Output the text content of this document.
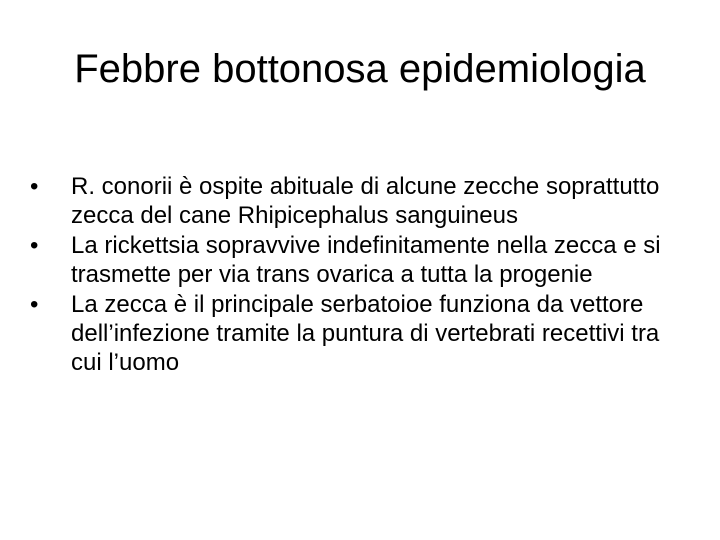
Febbre bottonosa epidemiologia
•	R. conorii è ospite abituale di alcune zecche soprattutto zecca del cane Rhipicephalus sanguineus
•	La rickettsia sopravvive indefinitamente nella zecca e si trasmette per via trans ovarica a tutta la progenie
•	La zecca è il principale serbatoioe funziona da vettore dell’infezione tramite la puntura di vertebrati recettivi tra cui l’uomo
